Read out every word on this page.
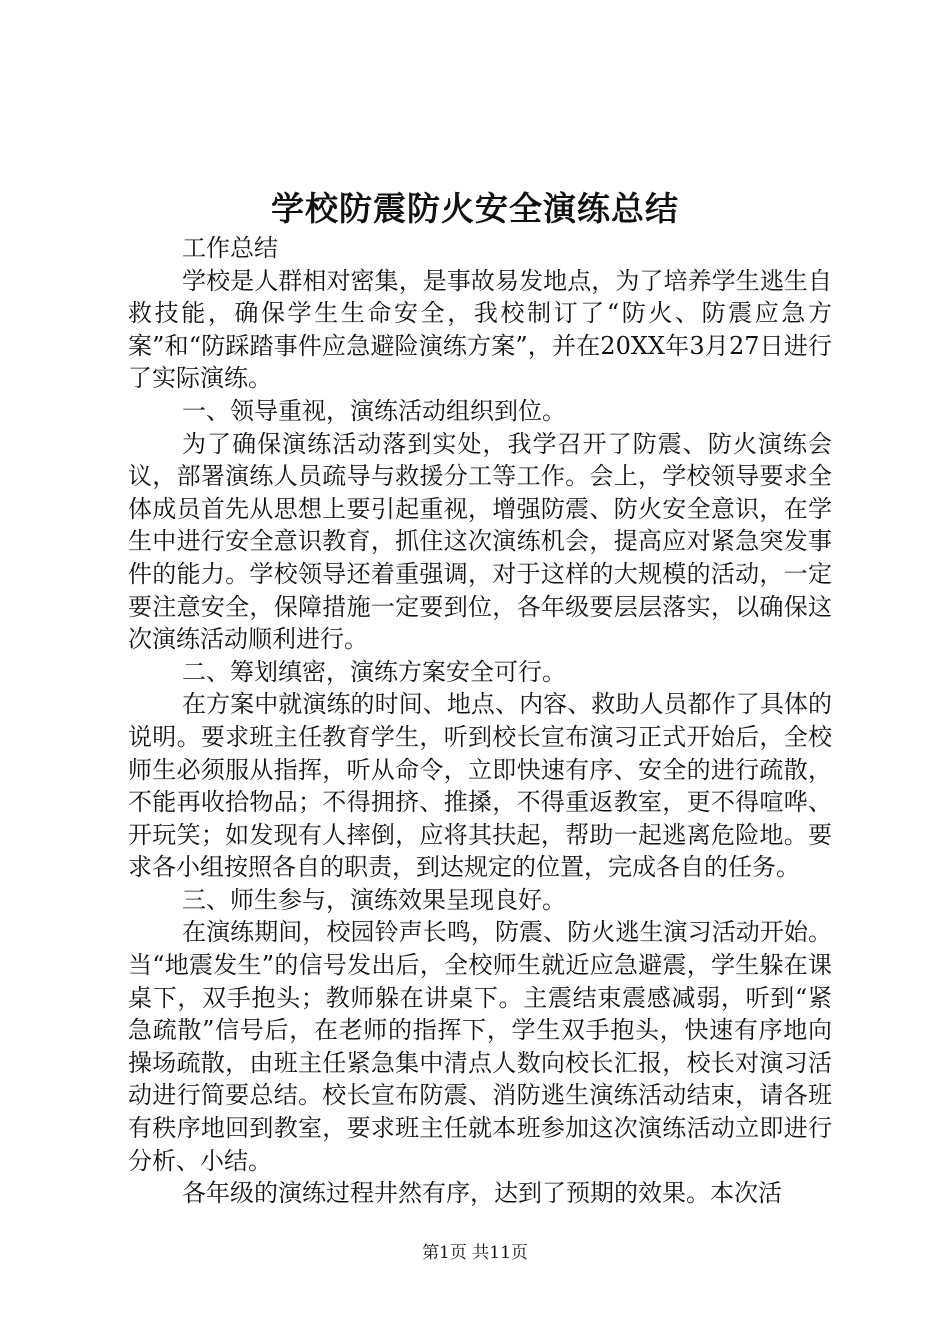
学校防震防火安全演练总结

工作总结

学校是人群相对密集，是事故易发地点，为了培养学生逃生自救技能，确保学生生命安全，我校制订了“防火、防震应急方案”和“防踩踏事件应急避险演练方案”，并在20XX年3月27日进行了实际演练。

一、领导重视，演练活动组织到位。

为了确保演练活动落到实处，我学召开了防震、防火演练会议，部署演练人员疏导与救援分工等工作。会上，学校领导要求全体成员首先从思想上要引起重视，增强防震、防火安全意识，在学生中进行安全意识教育，抓住这次演练机会，提高应对紧急突发事件的能力。学校领导还着重强调，对于这样的大规模的活动，一定要注意安全，保障措施一定要到位，各年级要层层落实，以确保这次演练活动顺利进行。

二、筹划缜密，演练方案安全可行。

在方案中就演练的时间、地点、内容、救助人员都作了具体的说明。要求班主任教育学生，听到校长宣布演习正式开始后，全校师生必须服从指挥，听从命令，立即快速有序、安全的进行疏散，不能再收拾物品；不得拥挤、推搡，不得重返教室，更不得喧哗、开玩笑；如发现有人摔倒，应将其扶起，帮助一起逃离危险地。要求各小组按照各自的职责，到达规定的位置，完成各自的任务。

三、师生参与，演练效果呈现良好。

在演练期间，校园铃声长鸣，防震、防火逃生演习活动开始。当“地震发生”的信号发出后，全校师生就近应急避震，学生躲在课桌下，双手抱头；教师躲在讲桌下。主震结束震感减弱，听到“紧急疏散”信号后，在老师的指挥下，学生双手抱头，快速有序地向操场疏散，由班主任紧急集中清点人数向校长汇报，校长对演习活动进行简要总结。校长宣布防震、消防逃生演练活动结束，请各班有秩序地回到教室，要求班主任就本班参加这次演练活动立即进行分析、小结。

各年级的演练过程井然有序，达到了预期的效果。本次活

第1页 共11页
